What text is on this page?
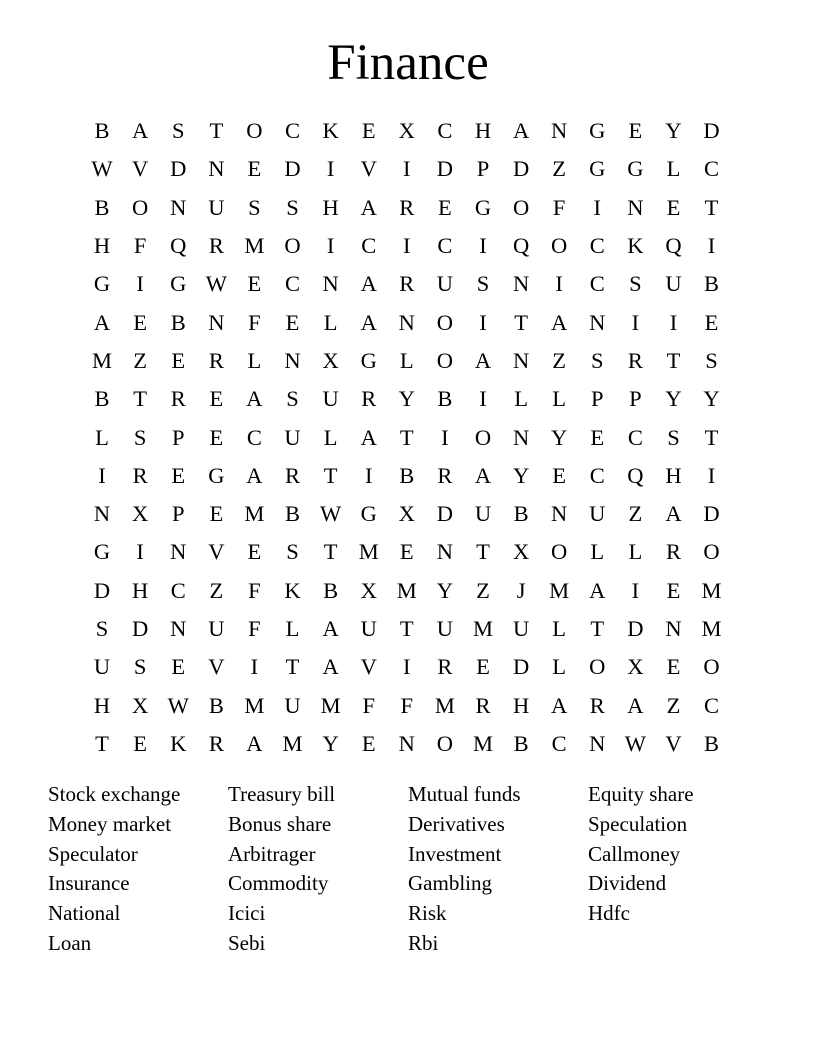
Finance
B A	S	T	O C K	E	X C H A N G	E	Y D
W V D N	E	D	I	V	I	D	P	D	Z	G G	L	C
B O N U	S	S	H A R	E	G O	F	I	N	E	T
H	F	Q R M O	I	C	I	C	I	Q O C K Q	I
G	I	G W E	C N A R U	S	N	I	C	S	U B
A	E	B N	F	E	L	A N O	I	T	A N	I	I	E
M Z	E	R	L	N X G	L	O A N	Z	S	R	T	S
B	T	R	E	A	S	U R Y B	I	L	L	P	P	Y Y
L	S	P	E	C U	L	A	T	I	O N Y	E	C	S	T
I	R	E	G A R	T	I	B	R A Y	E	C Q H	I
N X	P	E M B W G X D U B N U	Z	A D
G	I	N V	E	S	T M E	N	T	X O	L	L	R O
D H C	Z	F	K B X M Y	Z	J	M A	I	E M
S	D N U	F	L	A U	T	U M U	L	T	D N M
U	S	E	V	I	T	A V	I	R	E	D	L	O X	E	O
H X W B M U M F	F M R H A R A	Z	C
T	E	K R A M Y	E	N O M B	C N W V B
Stock exchange	Treasury bill	Mutual funds	Equity share
Money market	Bonus share	Derivatives	Speculation
Speculator	Arbitrager	Investment	Callmoney
Insurance	Commodity	Gambling	Dividend
National	Icici	Risk	Hdfc
Loan	Sebi	Rbi
